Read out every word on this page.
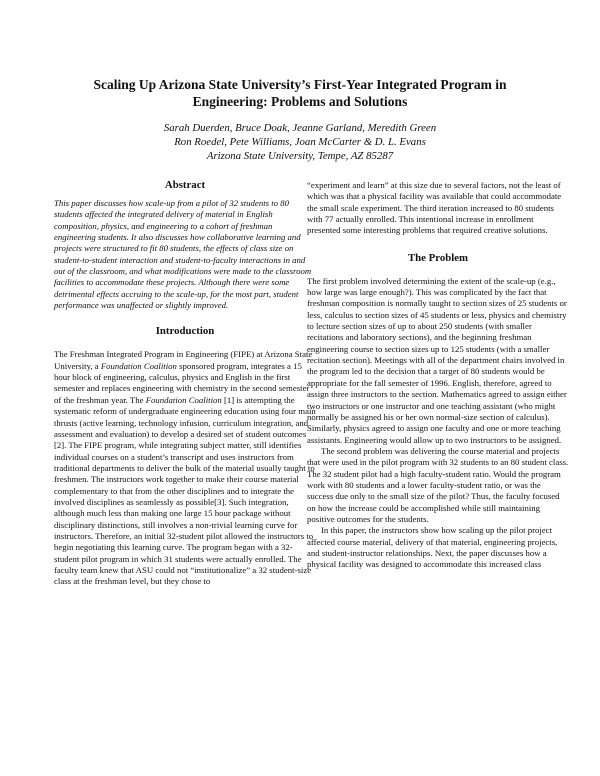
Scaling Up Arizona State University’s First-Year Integrated Program in
Engineering: Problems and Solutions
Sarah Duerden, Bruce Doak, Jeanne Garland, Meredith Green
Ron Roedel, Pete Williams, Joan McCarter & D. L. Evans
Arizona State University, Tempe, AZ 85287
Abstract

This paper discusses how scale-up from a pilot of 32 students to 80 students affected the integrated delivery of material in English composition, physics, and engineering to a cohort of freshman engineering students. It also discusses how collaborative learning and projects were structured to fit 80 students, the effects of class size on student-to-student interaction and student-to-faculty interactions in and out of the classroom, and what modifications were made to the classroom facilities to accommodate these projects. Although there were some detrimental effects accruing to the scale-up, for the most part, student performance was unaffected or slightly improved.

Introduction

The Freshman Integrated Program in Engineering (FIPE) at Arizona State University, a Foundation Coalition sponsored program, integrates a 15 hour block of engineering, calculus, physics and English in the first semester and replaces engineering with chemistry in the second semester of the freshman year. The Foundation Coalition [1] is attempting the systematic reform of undergraduate engineering education using four main thrusts (active learning, technology infusion, curriculum integration, and assessment and evaluation) to develop a desired set of student outcomes [2]. The FIPE program, while integrating subject matter, still identifies individual courses on a student’s transcript and uses instructors from traditional departments to deliver the bulk of the material usually taught to freshmen. The instructors work together to make their course material complementary to that from the other disciplines and to integrate the involved disciplines as seamlessly as possible[3]. Such integration, although much less than making one large 15 hour package without disciplinary distinctions, still involves a non-trivial learning curve for instructors. Therefore, an initial 32-student pilot allowed the instructors to begin negotiating this learning curve. The program began with a 32-student pilot program in which 31 students were actually enrolled. The faculty team knew that ASU could not “institutionalize” a 32 student-size class at the freshman level, but they chose to

“experiment and learn” at this size due to several factors, not the least of which was that a physical facility was available that could accommodate the small scale experiment. The third iteration increased to 80 students with 77 actually enrolled. This intentional increase in enrollment presented some interesting problems that required creative solutions.

The Problem

The first problem involved determining the extent of the scale-up (e.g., how large was large enough?). This was complicated by the fact that freshman composition is normally taught to section sizes of 25 students or less, calculus to section sizes of 45 students or less, physics and chemistry to lecture section sizes of up to about 250 students (with smaller recitations and laboratory sections), and the beginning freshman engineering course to section sizes up to 125 students (with a smaller recitation section). Meetings with all of the department chairs involved in the program led to the decision that a target of 80 students would be appropriate for the fall semester of 1996. English, therefore, agreed to assign three instructors to the section. Mathematics agreed to assign either two instructors or one instructor and one teaching assistant (who might normally be assigned his or her own normal-size section of calculus). Similarly, physics agreed to assign one faculty and one or more teaching assistants. Engineering would allow up to two instructors to be assigned.

The second problem was delivering the course material and projects that were used in the pilot program with 32 students to an 80 student class. The 32 student pilot had a high faculty-student ratio. Would the program work with 80 students and a lower faculty-student ratio, or was the success due only to the small size of the pilot? Thus, the faculty focused on how the increase could be accomplished while still maintaining positive outcomes for the students.

In this paper, the instructors show how scaling up the pilot project affected course material, delivery of that material, engineering projects, and student-instructor relationships. Next, the paper discusses how a physical facility was designed to accommodate this increased class
